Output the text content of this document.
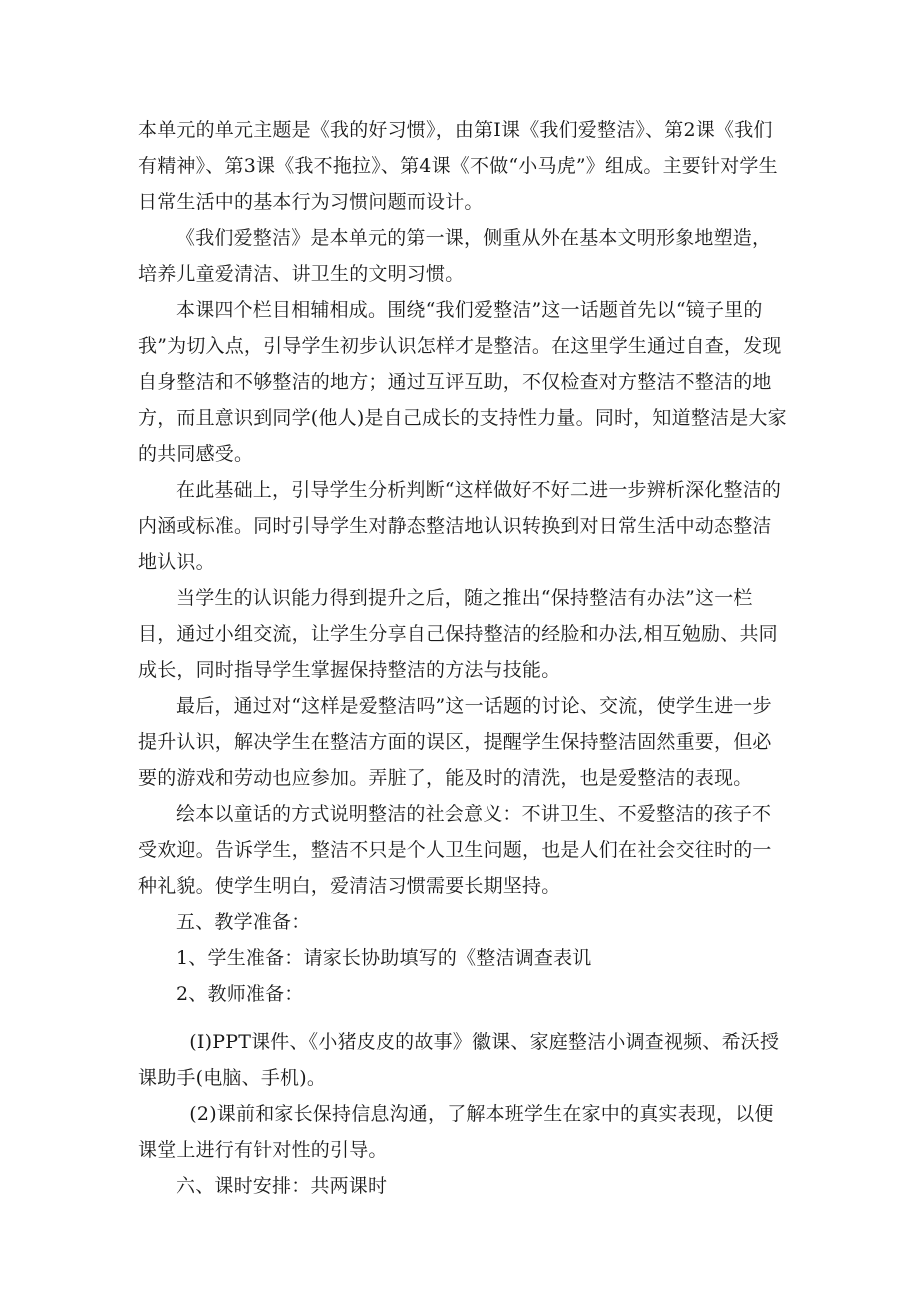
本单元的单元主题是《我的好习惯》，由第I课《我们爱整洁》、第2课《我们有精神》、第3课《我不拖拉》、第4课《不做“小马虎”》组成。主要针对学生日常生活中的基本行为习惯问题而设计。

《我们爱整洁》是本单元的第一课，侧重从外在基本文明形象地塑造，培养儿童爱清洁、讲卫生的文明习惯。

本课四个栏目相辅相成。围绕“我们爱整洁”这一话题首先以“镜子里的我”为切入点，引导学生初步认识怎样才是整洁。在这里学生通过自查，发现自身整洁和不够整洁的地方；通过互评互助，不仅检查对方整洁不整洁的地方，而且意识到同学(他人)是自己成长的支持性力量。同时，知道整洁是大家的共同感受。

在此基础上，引导学生分析判断“这样做好不好二进一步辨析深化整洁的内涵或标准。同时引导学生对静态整洁地认识转换到对日常生活中动态整洁地认识。

当学生的认识能力得到提升之后，随之推出“保持整洁有办法”这一栏目，通过小组交流，让学生分享自己保持整洁的经脸和办法,相互勉励、共同成长，同时指导学生掌握保持整洁的方法与技能。

最后，通过对“这样是爱整洁吗”这一话题的讨论、交流，使学生进一步提升认识，解决学生在整洁方面的误区，提醒学生保持整洁固然重要，但必要的游戏和劳动也应参加。弄脏了，能及时的清洗，也是爱整洁的表现。

绘本以童话的方式说明整洁的社会意义：不讲卫生、不爱整洁的孩子不受欢迎。告诉学生，整洁不只是个人卫生问题，也是人们在社会交往时的一种礼貌。使学生明白，爱清洁习惯需要长期坚持。

五、教学准备：

1、学生准备：请家长协助填写的《整洁调查表讥

2、教师准备：

(I)PPT课件、《小猪皮皮的故事》徽课、家庭整洁小调查视频、希沃授课助手(电脑、手机)。

(2)课前和家长保持信息沟通，了解本班学生在家中的真实表现，以便课堂上进行有针对性的引导。

六、课时安排：共两课时
